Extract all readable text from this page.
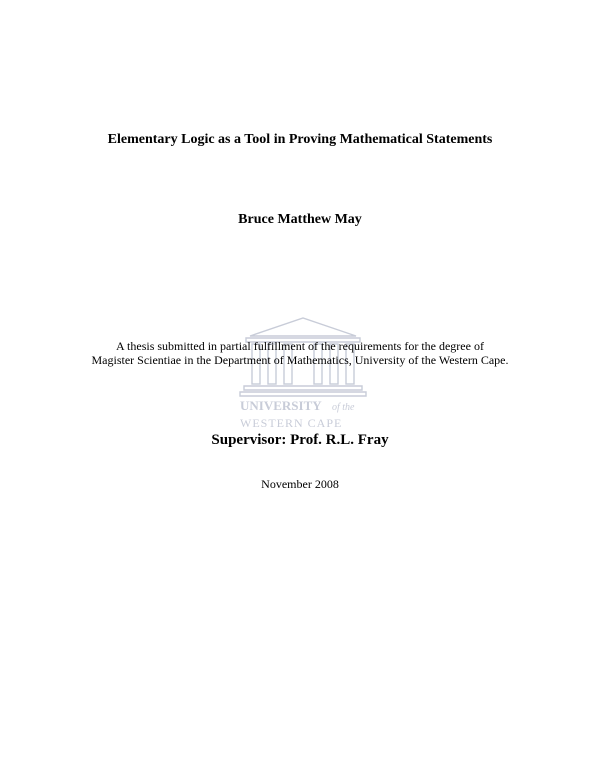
UNIVERSITY of the
WESTERN CAPE
Elementary Logic as a Tool in Proving Mathematical Statements
Bruce Matthew May
A thesis submitted in partial fulfillment of the requirements for the degree of
Magister Scientiae in the Department of Mathematics, University of the Western Cape.
Supervisor: Prof. R.L. Fray
November 2008
